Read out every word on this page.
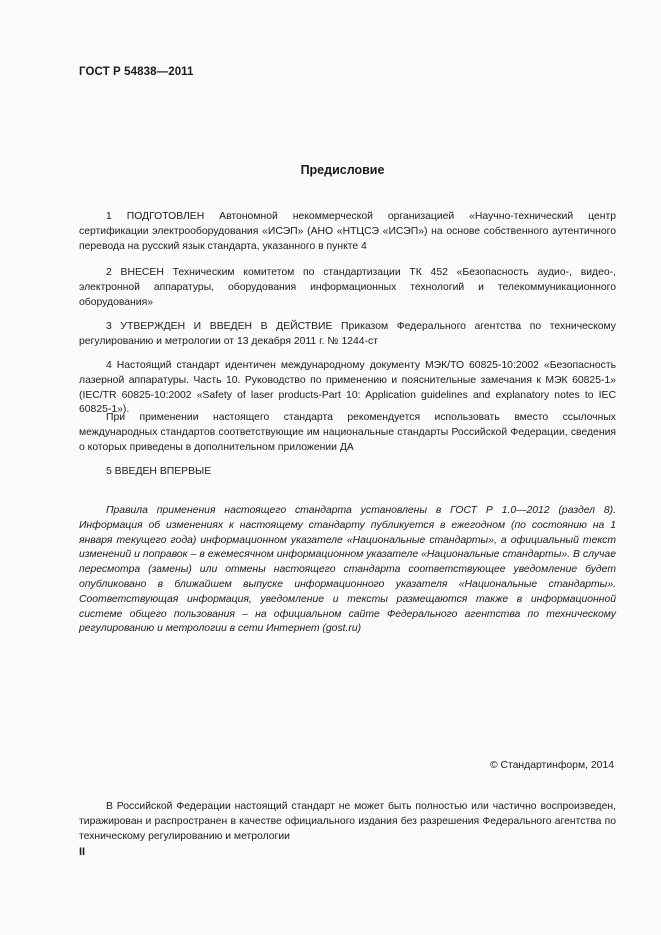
ГОСТ Р 54838—2011
Предисловие

1 ПОДГОТОВЛЕН Автономной некоммерческой организацией «Научно-технический центр сертификации электрооборудования «ИСЭП» (АНО «НТЦСЭ «ИСЭП») на основе собственного аутентичного перевода на русский язык стандарта, указанного в пункте 4

2 ВНЕСЕН Техническим комитетом по стандартизации ТК 452 «Безопасность аудио-, видео-, электронной аппаратуры, оборудования информационных технологий и телекоммуникационного оборудования»

3 УТВЕРЖДЕН И ВВЕДЕН В ДЕЙСТВИЕ Приказом Федерального агентства по техническому регулированию и метрологии от 13 декабря 2011 г. № 1244-ст

4 Настоящий стандарт идентичен международному документу МЭК/ТО 60825-10:2002 «Безопасность лазерной аппаратуры. Часть 10. Руководство по применению и пояснительные замечания к МЭК 60825-1» (IEC/TR 60825-10:2002 «Safety of laser products-Part 10: Application guidelines and explanatory notes to IEC 60825-1»).

При применении настоящего стандарта рекомендуется использовать вместо ссылочных международных стандартов соответствующие им национальные стандарты Российской Федерации, сведения о которых приведены в дополнительном приложении ДА

5 ВВЕДЕН ВПЕРВЫЕ

Правила применения настоящего стандарта установлены в ГОСТ Р 1.0—2012 (раздел 8). Информация об изменениях к настоящему стандарту публикуется в ежегодном (по состоянию на 1 января текущего года) информационном указателе «Национальные стандарты», а официальный текст изменений и поправок – в ежемесячном информационном указателе «Национальные стандарты». В случае пересмотра (замены) или отмены настоящего стандарта соответствующее уведомление будет опубликовано в ближайшем выпуске информационного указателя «Национальные стандарты». Соответствующая информация, уведомление и тексты размещаются также в информационной системе общего пользования – на официальном сайте Федерального агентства по техническому регулированию и метрологии в сети Интернет (gost.ru)

© Стандартинформ, 2014

В Российской Федерации настоящий стандарт не может быть полностью или частично воспроизведен, тиражирован и распространен в качестве официального издания без разрешения Федерального агентства по техническому регулированию и метрологии

II
